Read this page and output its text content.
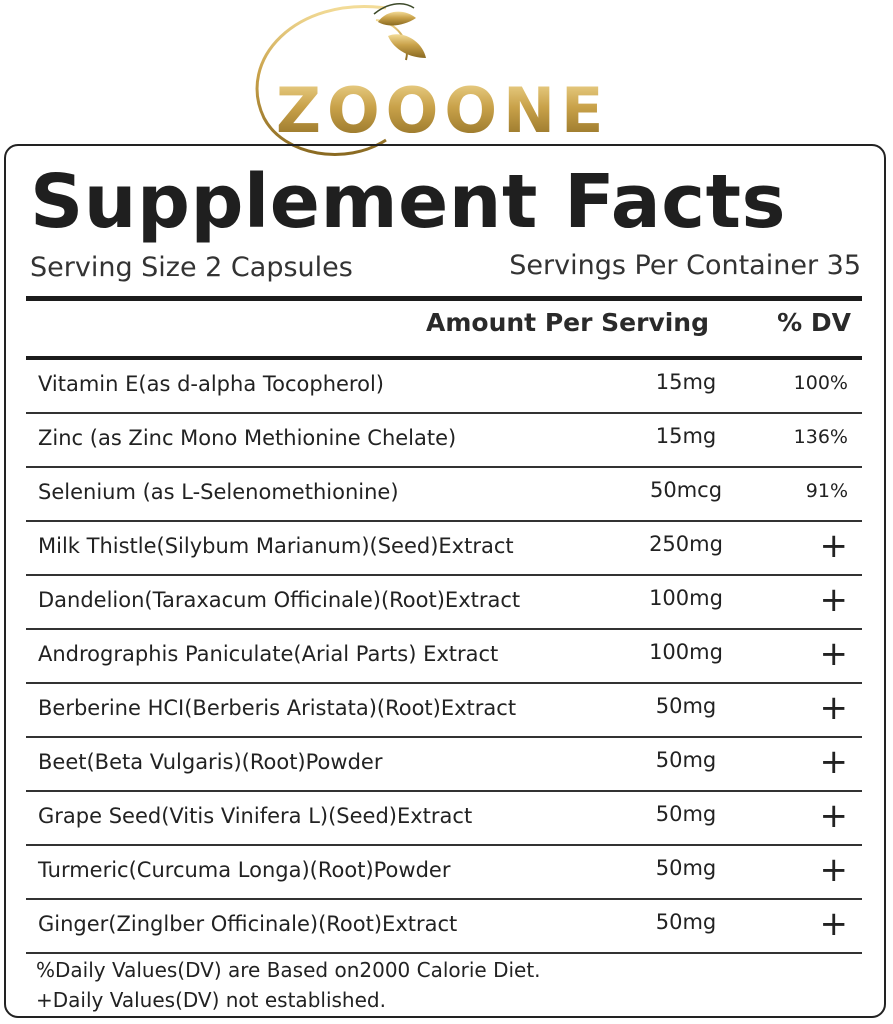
ZOOONE
Supplement Facts
Serving Size 2 Capsules	Servings Per Container 35
Amount Per Serving	% DV
Vitamin E(as d-alpha Tocopherol)	15mg	100%
Zinc (as Zinc Mono Methionine Chelate)	15mg	136%
Selenium (as L-Selenomethionine)	50mcg	91%
Milk Thistle(Silybum Marianum)(Seed)Extract	250mg	+
Dandelion(Taraxacum Officinale)(Root)Extract	100mg	+
Andrographis Paniculate(Arial Parts) Extract	100mg	+
Berberine HCI(Berberis Aristata)(Root)Extract	50mg	+
Beet(Beta Vulgaris)(Root)Powder	50mg	+
Grape Seed(Vitis Vinifera L)(Seed)Extract	50mg	+
Turmeric(Curcuma Longa)(Root)Powder	50mg	+
Ginger(Zinglber Officinale)(Root)Extract	50mg	+
%Daily Values(DV) are Based on2000 Calorie Diet.
+Daily Values(DV) not established.
